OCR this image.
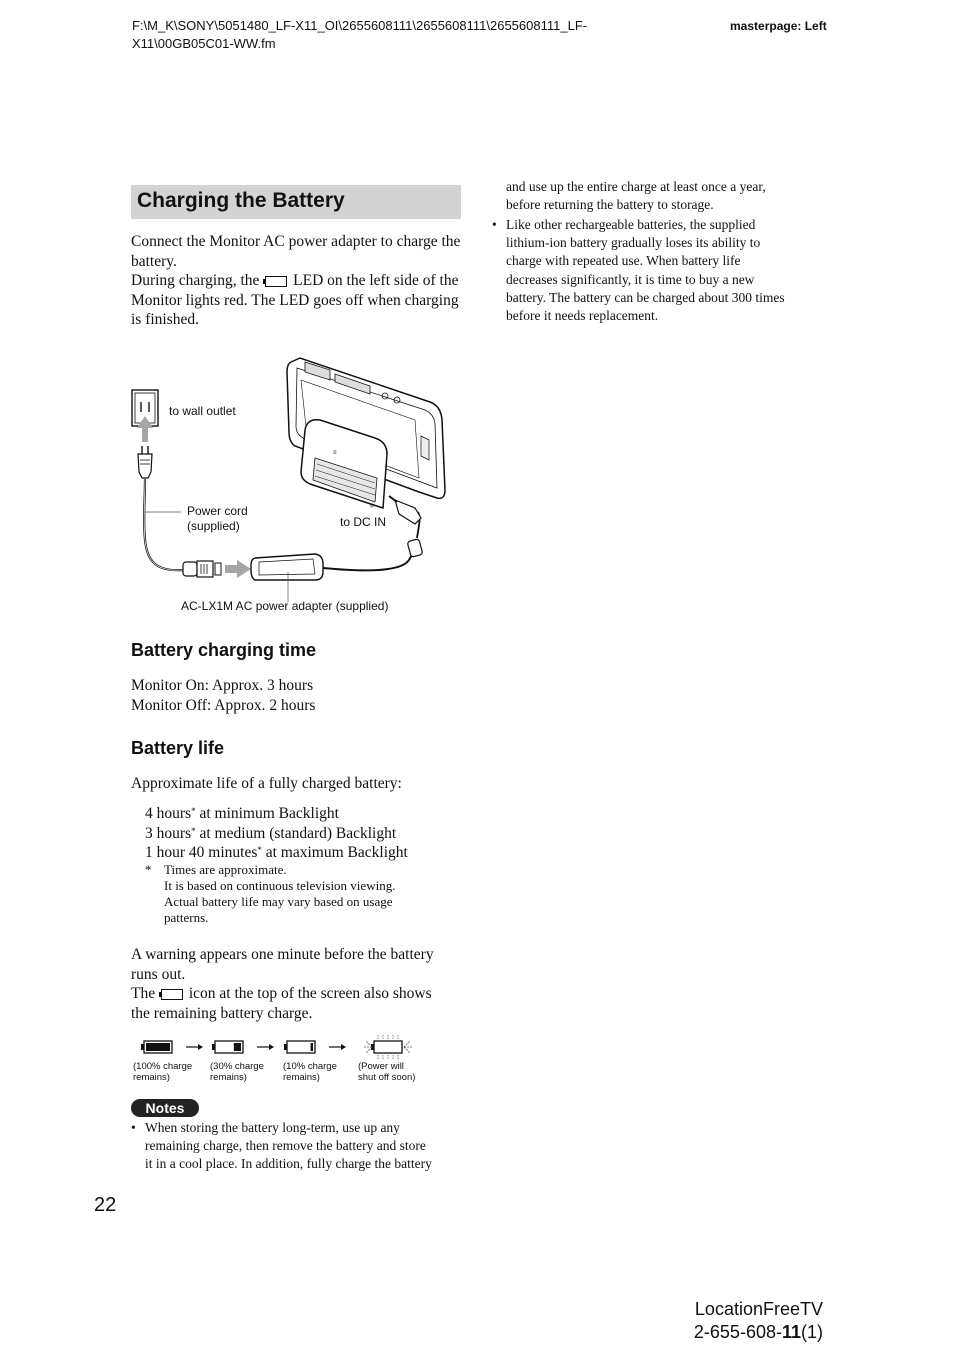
F:\M_K\SONY\5051480_LF-X11_OI\2655608111\2655608111\2655608111_LF-X11\00GB05C01-WW.fm
masterpage: Left
Charging the Battery
Connect the Monitor AC power adapter to charge the battery.
During charging, the LED on the left side of the Monitor lights red. The LED goes off when charging is finished.
≡
to wall outlet
Power cord
(supplied)	to DC IN
AC-LX1M AC power adapter (supplied)
Battery charging time
Monitor On: Approx. 3 hours
Monitor Off: Approx. 2 hours
Battery life
Approximate life of a fully charged battery:
4 hours* at minimum Backlight
3 hours* at medium (standard) Backlight
1 hour 40 minutes* at maximum Backlight
* Times are approximate.
It is based on continuous television viewing.
Actual battery life may vary based on usage
patterns.
A warning appears one minute before the battery
runs out.
The icon at the top of the screen also shows
the remaining battery charge.
(100% charge
remains)
(30% charge
remains)
(10% charge
remains)
(Power will
shut off soon)
Notes
• When storing the battery long-term, use up any
remaining charge, then remove the battery and store
it in a cool place. In addition, fully charge the battery
and use up the entire charge at least once a year,
before returning the battery to storage.
• Like other rechargeable batteries, the supplied
lithium-ion battery gradually loses its ability to
charge with repeated use. When battery life
decreases significantly, it is time to buy a new
battery. The battery can be charged about 300 times
before it needs replacement.
22
LocationFreeTV
2-655-608-11(1)
